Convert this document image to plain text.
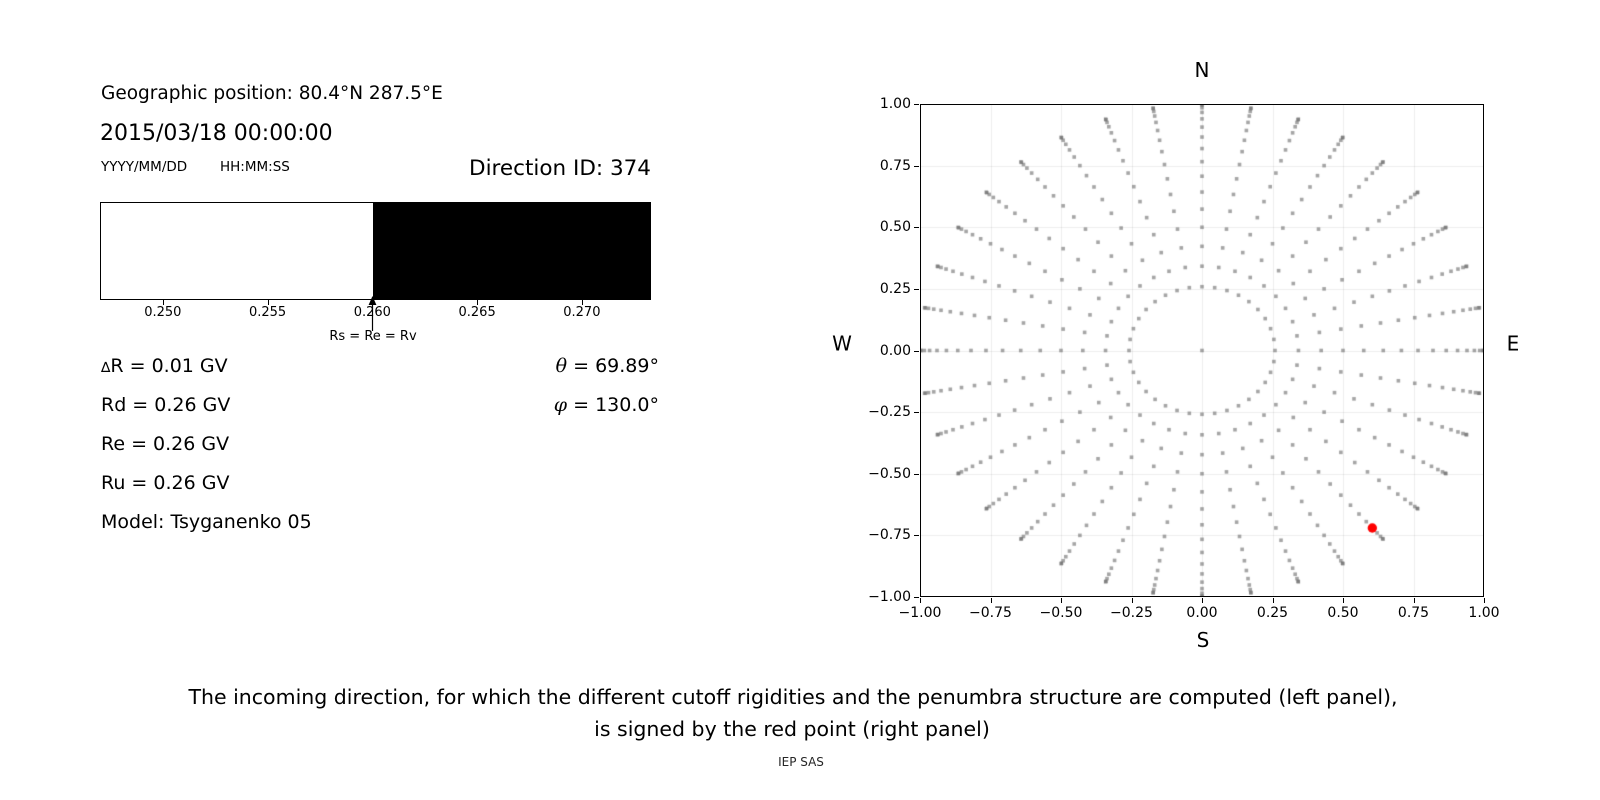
Geographic position: 80.4°N 287.5°E
2015/03/18 00:00:00
YYYY/MM/DD HH:MM:SS	Direction ID: 374
0.250	0.255	0.260	0.265	0.270
Rs = Re = Rv
∆R = 0.01 GV
Rd = 0.26 GV
Re = 0.26 GV
Ru = 0.26 GV
Model: Tsyganenko 05
θ = 69.89°
φ = 130.0°
N
S
W	E
−1.00 −0.75 −0.50 −0.25 0.00	0.25	0.50	0.75	1.00
−1.00
−0.75
−0.50
−0.25
0.00
0.25
0.50
0.75
1.00
The incoming direction, for which the different cutoff rigidities and the penumbra structure are computed (left panel),
is signed by the red point (right panel)
IEP SAS
